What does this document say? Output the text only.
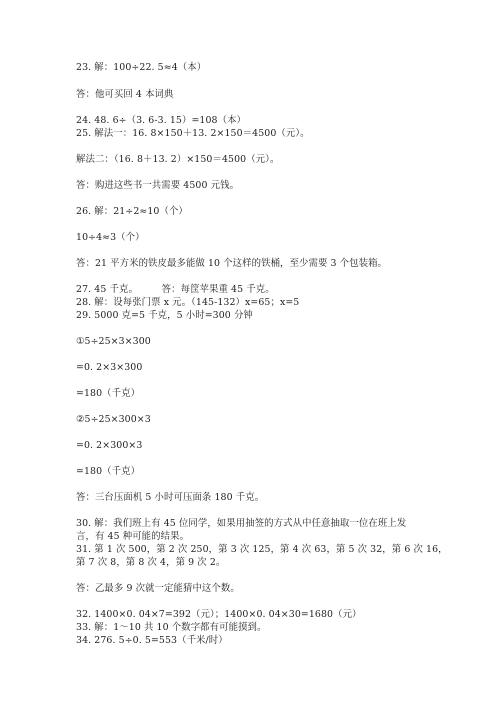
23. 解：100÷22. 5≈4（本）
答：他可买回 4 本词典
24. 48. 6÷（3. 6-3. 15）=108（本）
25. 解法一：16. 8×150＋13. 2×150＝4500（元）。
解法二：（16. 8＋13. 2）×150＝4500（元）。
答：购进这些书一共需要 4500 元钱。
26. 解：21÷2≈10（个）
10÷4≈3（个）
答：21 平方米的铁皮最多能做 10 个这样的铁桶，至少需要 3 个包装箱。
27. 45 千克。　　　答：每筐苹果重 45 千克。
28. 解：设每张门票 x 元。（145-132）x=65；x=5
29. 5000 克=5 千克，5 小时=300 分钟
①5÷25×3×300
=0. 2×3×300
=180（千克）
②5÷25×300×3
=0. 2×300×3
=180（千克）
答：三台压面机 5 小时可压面条 180 千克。
30. 解：我们班上有 45 位同学，如果用抽签的方式从中任意抽取一位在班上发
言，有 45 种可能的结果。
31. 第 1 次 500，第 2 次 250，第 3 次 125，第 4 次 63，第 5 次 32，第 6 次 16，
第 7 次 8，第 8 次 4，第 9 次 2。
答：乙最多 9 次就一定能猜中这个数。
32. 1400×0. 04×7=392（元）；1400×0. 04×30=1680（元）
33. 解：1～10 共 10 个数字都有可能摸到。
34. 276. 5÷0. 5=553（千米/时）
